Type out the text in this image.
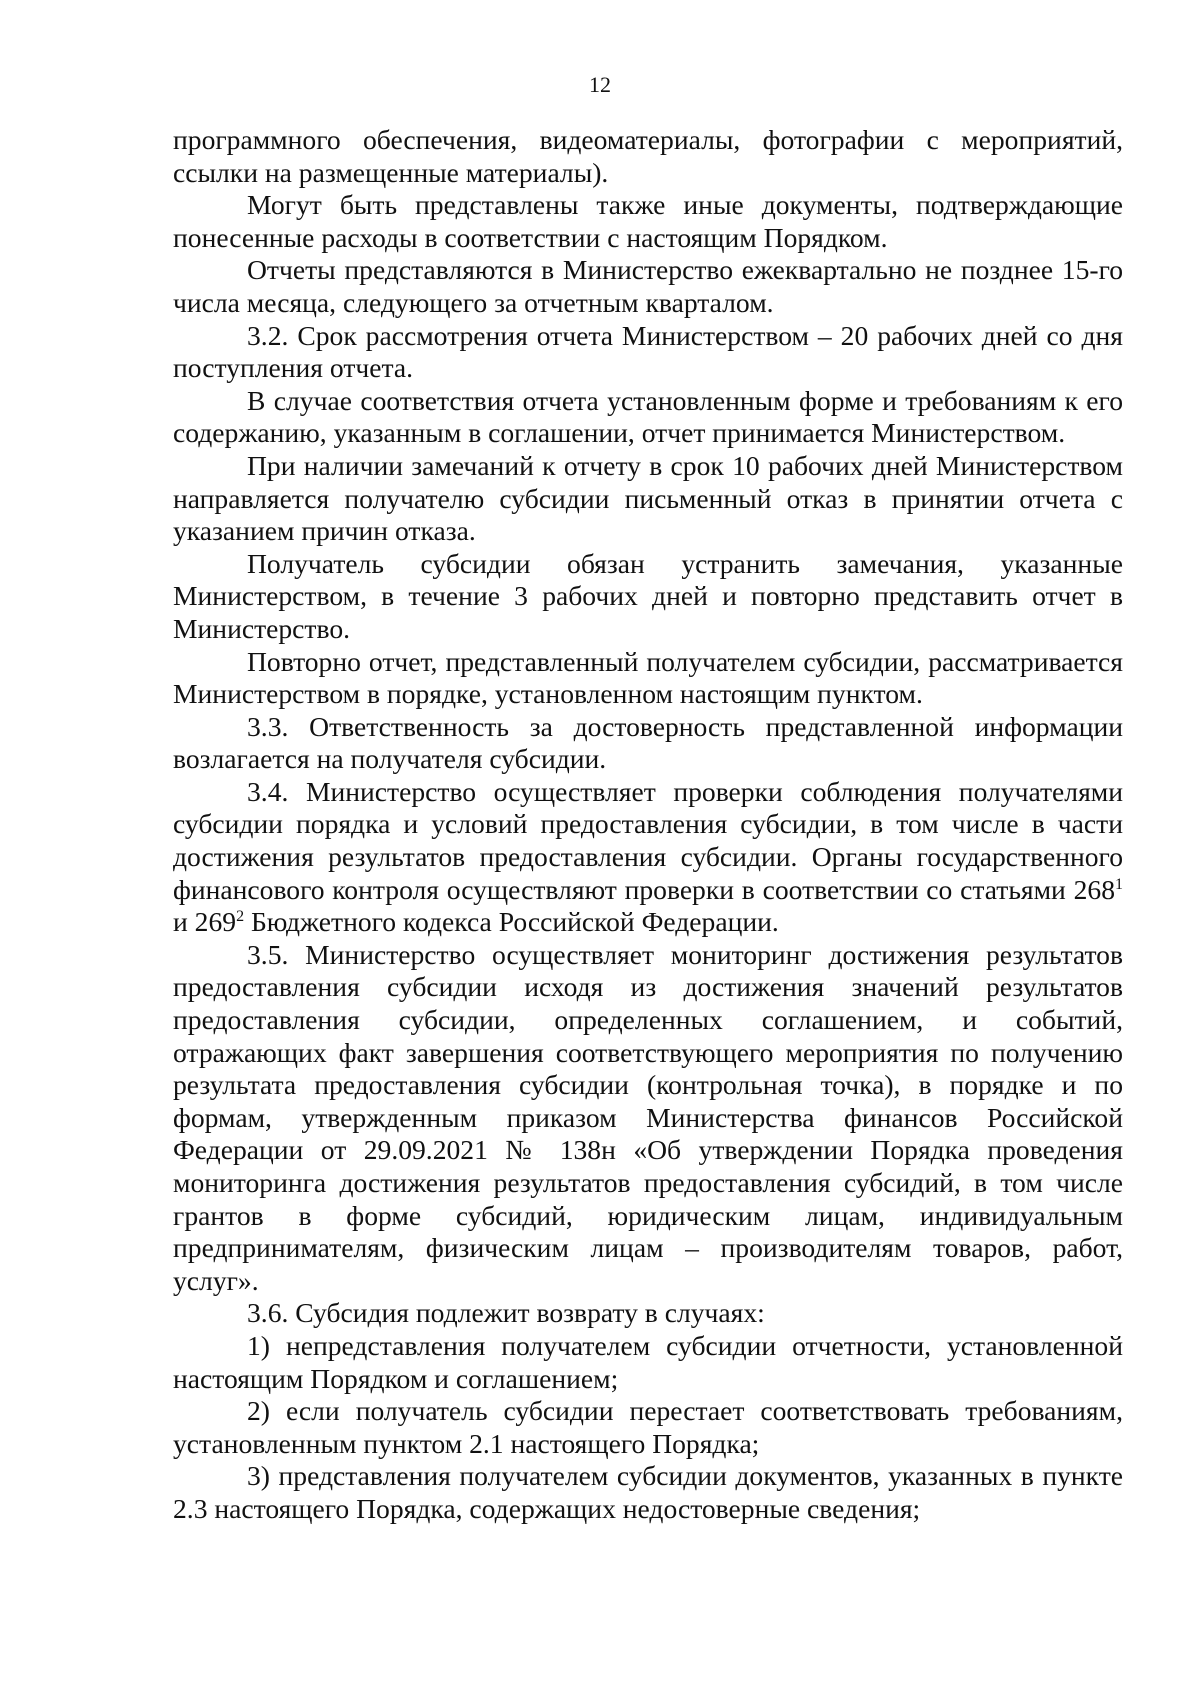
12

программного обеспечения, видеоматериалы, фотографии с мероприятий, ссылки на размещенные материалы).

Могут быть представлены также иные документы, подтверждающие понесенные расходы в соответствии с настоящим Порядком.

Отчеты представляются в Министерство ежеквартально не позднее 15-го числа месяца, следующего за отчетным кварталом.

3.2. Срок рассмотрения отчета Министерством – 20 рабочих дней со дня поступления отчета.

В случае соответствия отчета установленным форме и требованиям к его содержанию, указанным в соглашении, отчет принимается Министерством.

При наличии замечаний к отчету в срок 10 рабочих дней Министерством направляется получателю субсидии письменный отказ в принятии отчета с указанием причин отказа.

Получатель субсидии обязан устранить замечания, указанные Министерством, в течение 3 рабочих дней и повторно представить отчет в Министерство.

Повторно отчет, представленный получателем субсидии, рассматривается Министерством в порядке, установленном настоящим пунктом.

3.3. Ответственность за достоверность представленной информации возлагается на получателя субсидии.

3.4. Министерство осуществляет проверки соблюдения получателями субсидии порядка и условий предоставления субсидии, в том числе в части достижения результатов предоставления субсидии. Органы государственного финансового контроля осуществляют проверки в соответствии со статьями $268^1$ и $269^2$ Бюджетного кодекса Российской Федерации.

3.5. Министерство осуществляет мониторинг достижения результатов предоставления субсидии исходя из достижения значений результатов предоставления субсидии, определенных соглашением, и событий, отражающих факт завершения соответствующего мероприятия по получению результата предоставления субсидии (контрольная точка), в порядке и по формам, утвержденным приказом Министерства финансов Российской Федерации от 29.09.2021 № 138н «Об утверждении Порядка проведения мониторинга достижения результатов предоставления субсидий, в том числе грантов в форме субсидий, юридическим лицам, индивидуальным предпринимателям, физическим лицам – производителям товаров, работ, услуг».

3.6. Субсидия подлежит возврату в случаях:

1) непредставления получателем субсидии отчетности, установленной настоящим Порядком и соглашением;

2) если получатель субсидии перестает соответствовать требованиям, установленным пунктом 2.1 настоящего Порядка;

3) представления получателем субсидии документов, указанных в пункте 2.3 настоящего Порядка, содержащих недостоверные сведения;
